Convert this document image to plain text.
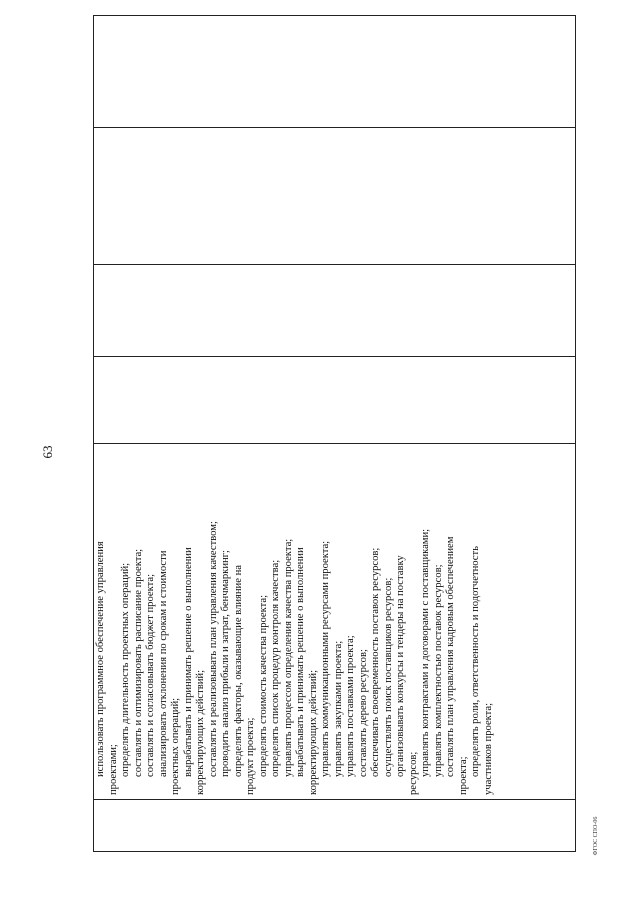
63
использовать программное обеспечение управления проектами; определять длительность проектных операций; составлять и оптимизировать расписание проекта; составлять и согласовывать бюджет проекта; анализировать отклонения по срокам и стоимости проектных операций; вырабатывать и принимать решение о выполнении корректирующих действий; составлять и реализовывать план управления качеством; проводить анализ прибыли и затрат, бенчмаркинг; определять факторы, оказывающие влияние на продукт проекта; определять стоимость качества проекта; определять список процедур контроля качества; управлять процессом определения качества проекта; вырабатывать и принимать решение о выполнении корректирующих действий; управлять коммуникационными ресурсами проекта; управлять закупками проекта; управлять поставками проекта; составлять дерево ресурсов; обеспечивать своевременность поставок ресурсов; осуществлять поиск поставщиков ресурсов; организовывать конкурсы и тендеры на поставку ресурсов; управлять контрактами и договорами с поставщиками; управлять комплектностью поставок ресурсов; составлять план управления кадровым обеспечением проекта; определять роли, ответственность и подотчетность участников проекта;
ФГОС СПО-06
